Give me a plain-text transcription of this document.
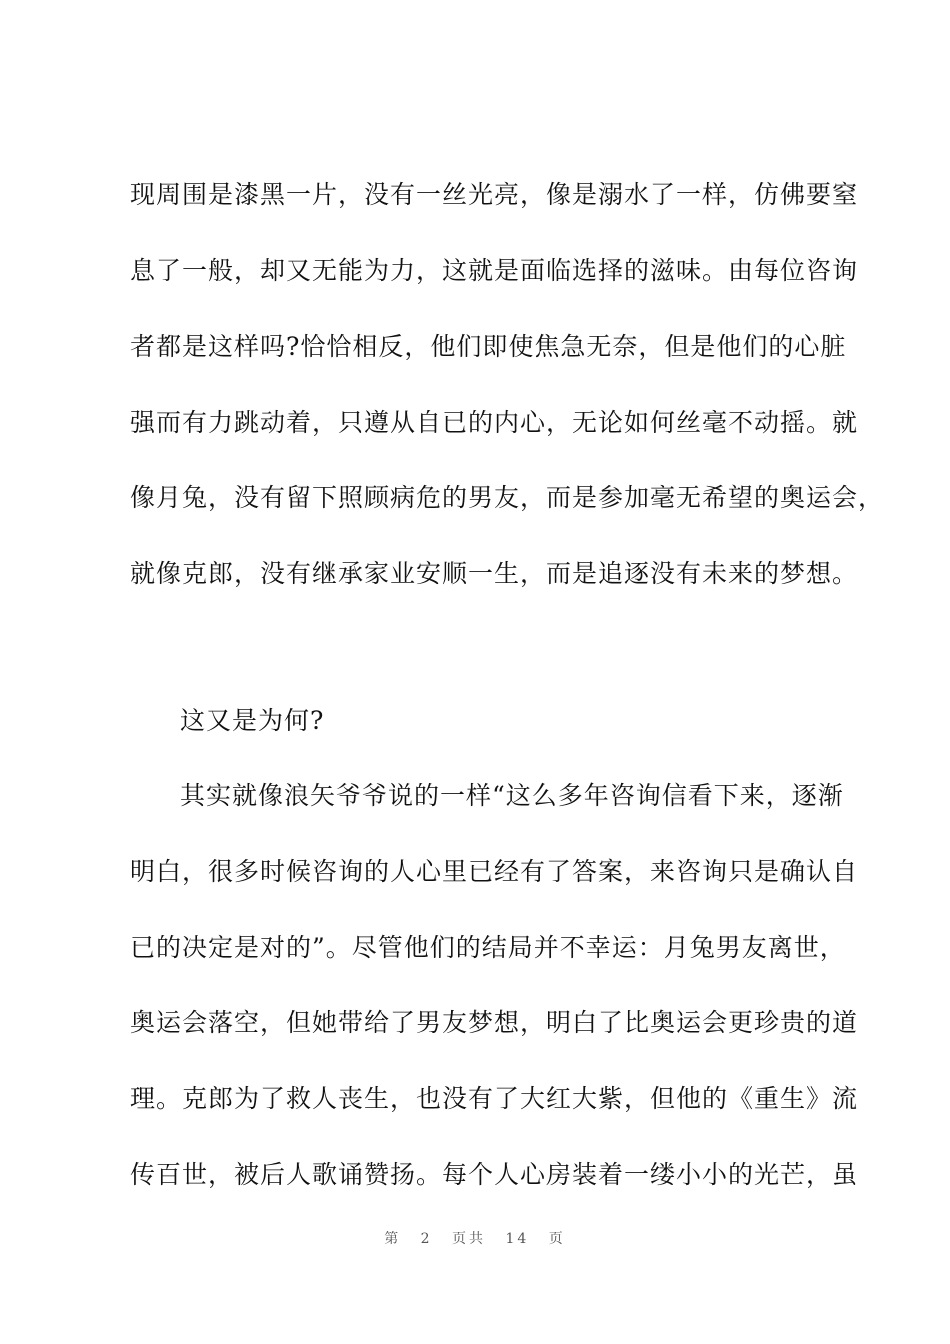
现周围是漆黑一片，没有一丝光亮，像是溺水了一样，仿佛要窒
息了一般，却又无能为力，这就是面临选择的滋味。由每位咨询
者都是这样吗?恰恰相反，他们即使焦急无奈，但是他们的心脏
强而有力跳动着，只遵从自已的内心，无论如何丝毫不动摇。就
像月兔，没有留下照顾病危的男友，而是参加毫无希望的奥运会，
就像克郎，没有继承家业安顺一生，而是追逐没有未来的梦想。
这又是为何?
其实就像浪矢爷爷说的一样“这么多年咨询信看下来，逐渐
明白，很多时候咨询的人心里已经有了答案，来咨询只是确认自
已的决定是对的”。尽管他们的结局并不幸运：月兔男友离世，
奥运会落空，但她带给了男友梦想，明白了比奥运会更珍贵的道
理。克郎为了救人丧生，也没有了大红大紫，但他的《重生》流
传百世，被后人歌诵赞扬。每个人心房装着一缕小小的光芒，虽
第 2 页共 14 页
